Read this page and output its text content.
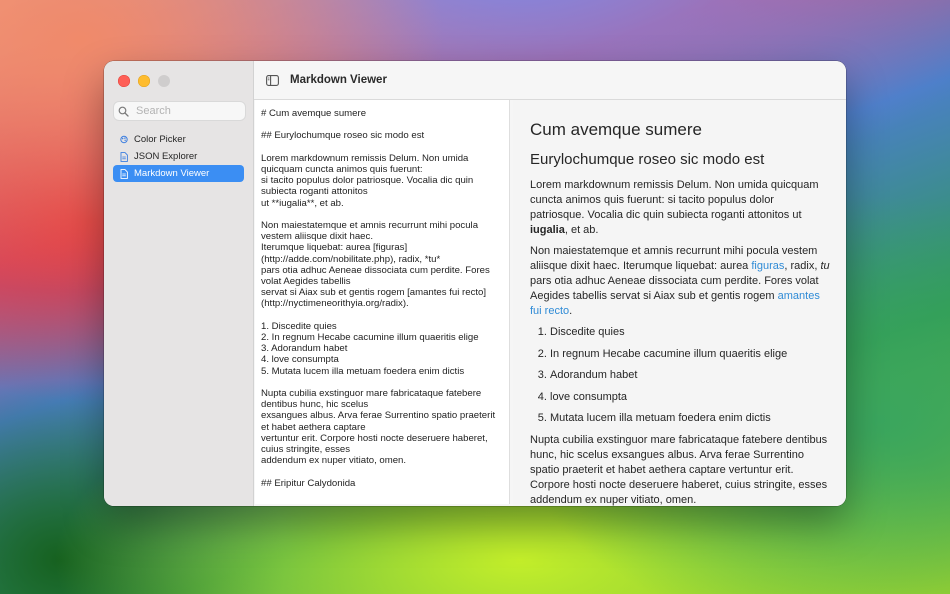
Search
Color Picker
JSON Explorer
Markdown Viewer
Markdown Viewer
# Cum avemque sumere

## Eurylochumque roseo sic modo est

Lorem markdownum remissis Delum. Non umida quicquam cuncta animos quis fuerunt:
si tacito populus dolor patriosque. Vocalia dic quin subiecta roganti attonitos
ut **iugalia**, et ab.

Non maiestatemque et amnis recurrunt mihi pocula vestem aliisque dixit haec.
Iterumque liquebat: aurea [figuras](http://adde.com/nobilitate.php), radix, *tu*
pars otia adhuc Aeneae dissociata cum perdite. Fores volat Aegides tabellis
servat si Aiax sub et gentis rogem [amantes fui recto](http://nyctimeneorithyia.org/radix).

1. Discedite quies
2. In regnum Hecabe cacumine illum quaeritis elige
3. Adorandum habet
4. love consumpta
5. Mutata lucem illa metuam foedera enim dictis

Nupta cubilia exstinguor mare fabricataque fatebere dentibus hunc, hic scelus
exsangues albus. Arva ferae Surrentino spatio praeterit et habet aethera captare
vertuntur erit. Corpore hosti nocte deseruere haberet, cuius stringite, esses
addendum ex nuper vitiato, omen.

## Eripitur Calydonida
Cum avemque sumere
Eurylochumque roseo sic modo est

Lorem markdownum remissis Delum. Non umida quicquam cuncta animos quis fuerunt: si tacito populus dolor patriosque. Vocalia dic quin subiecta roganti attonitos ut iugalia, et ab.

Non maiestatemque et amnis recurrunt mihi pocula vestem aliisque dixit haec. Iterumque liquebat: aurea figuras, radix, tu pars otia adhuc Aeneae dissociata cum perdite. Fores volat Aegides tabellis servat si Aiax sub et gentis rogem amantes fui recto.

1. Discedite quies
2. In regnum Hecabe cacumine illum quaeritis elige
3. Adorandum habet
4. love consumpta
5. Mutata lucem illa metuam foedera enim dictis

Nupta cubilia exstinguor mare fabricataque fatebere dentibus hunc, hic scelus exsangues albus. Arva ferae Surrentino spatio praeterit et habet aethera captare vertuntur erit. Corpore hosti nocte deseruere haberet, cuius stringite, esses addendum ex nuper vitiato, omen.
